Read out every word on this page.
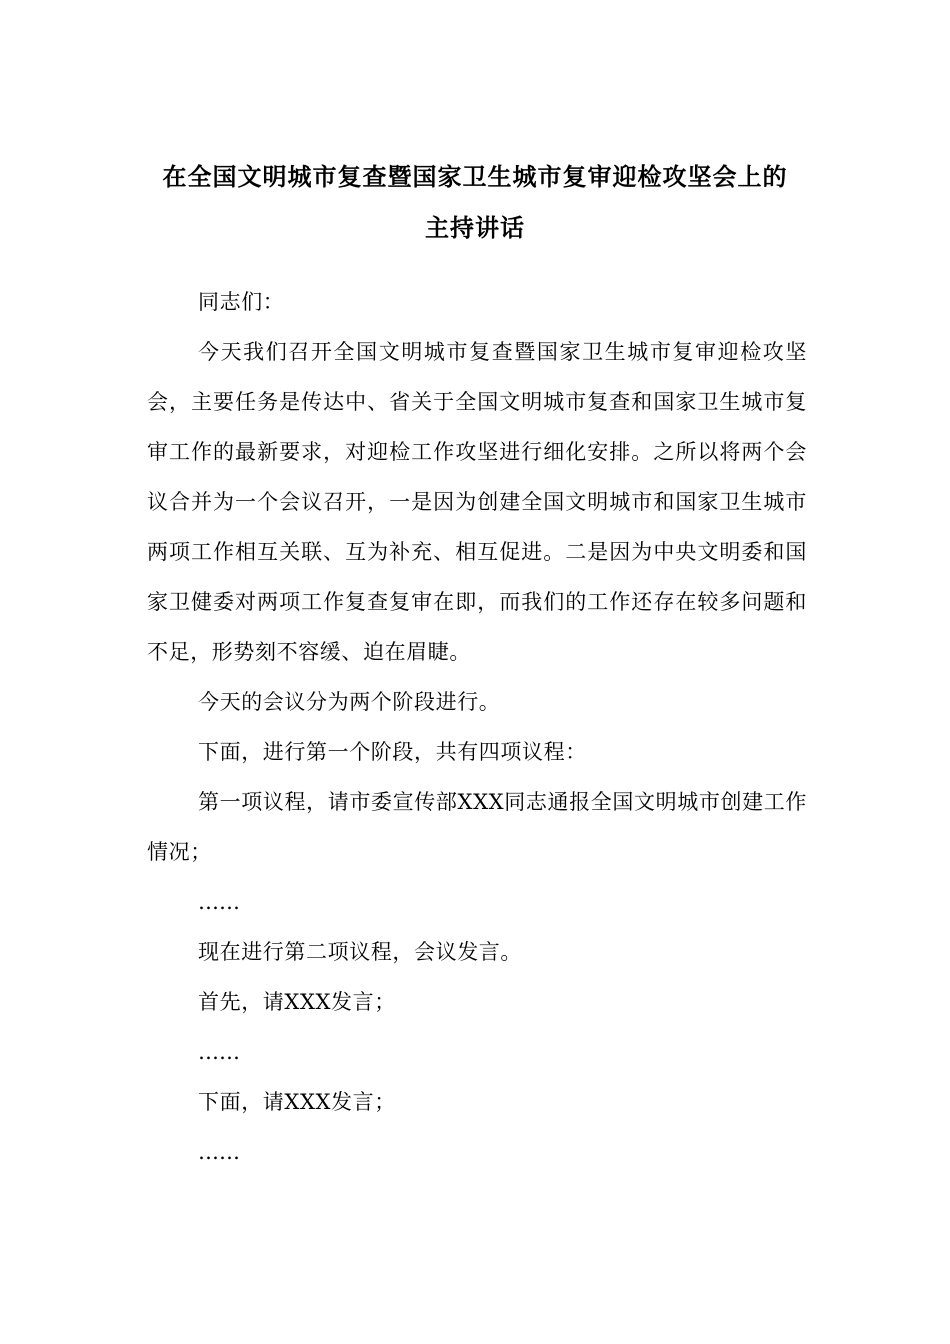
在全国文明城市复查暨国家卫生城市复审迎检攻坚会上的
主持讲话

同志们：

今天我们召开全国文明城市复查暨国家卫生城市复审迎检攻坚会，主要任务是传达中、省关于全国文明城市复查和国家卫生城市复审工作的最新要求，对迎检工作攻坚进行细化安排。之所以将两个会议合并为一个会议召开，一是因为创建全国文明城市和国家卫生城市两项工作相互关联、互为补充、相互促进。二是因为中央文明委和国家卫健委对两项工作复查复审在即，而我们的工作还存在较多问题和不足，形势刻不容缓、迫在眉睫。

今天的会议分为两个阶段进行。

下面，进行第一个阶段，共有四项议程：

第一项议程，请市委宣传部XXX同志通报全国文明城市创建工作情况；

……

现在进行第二项议程，会议发言。

首先，请XXX发言；

……

下面，请XXX发言；

……
